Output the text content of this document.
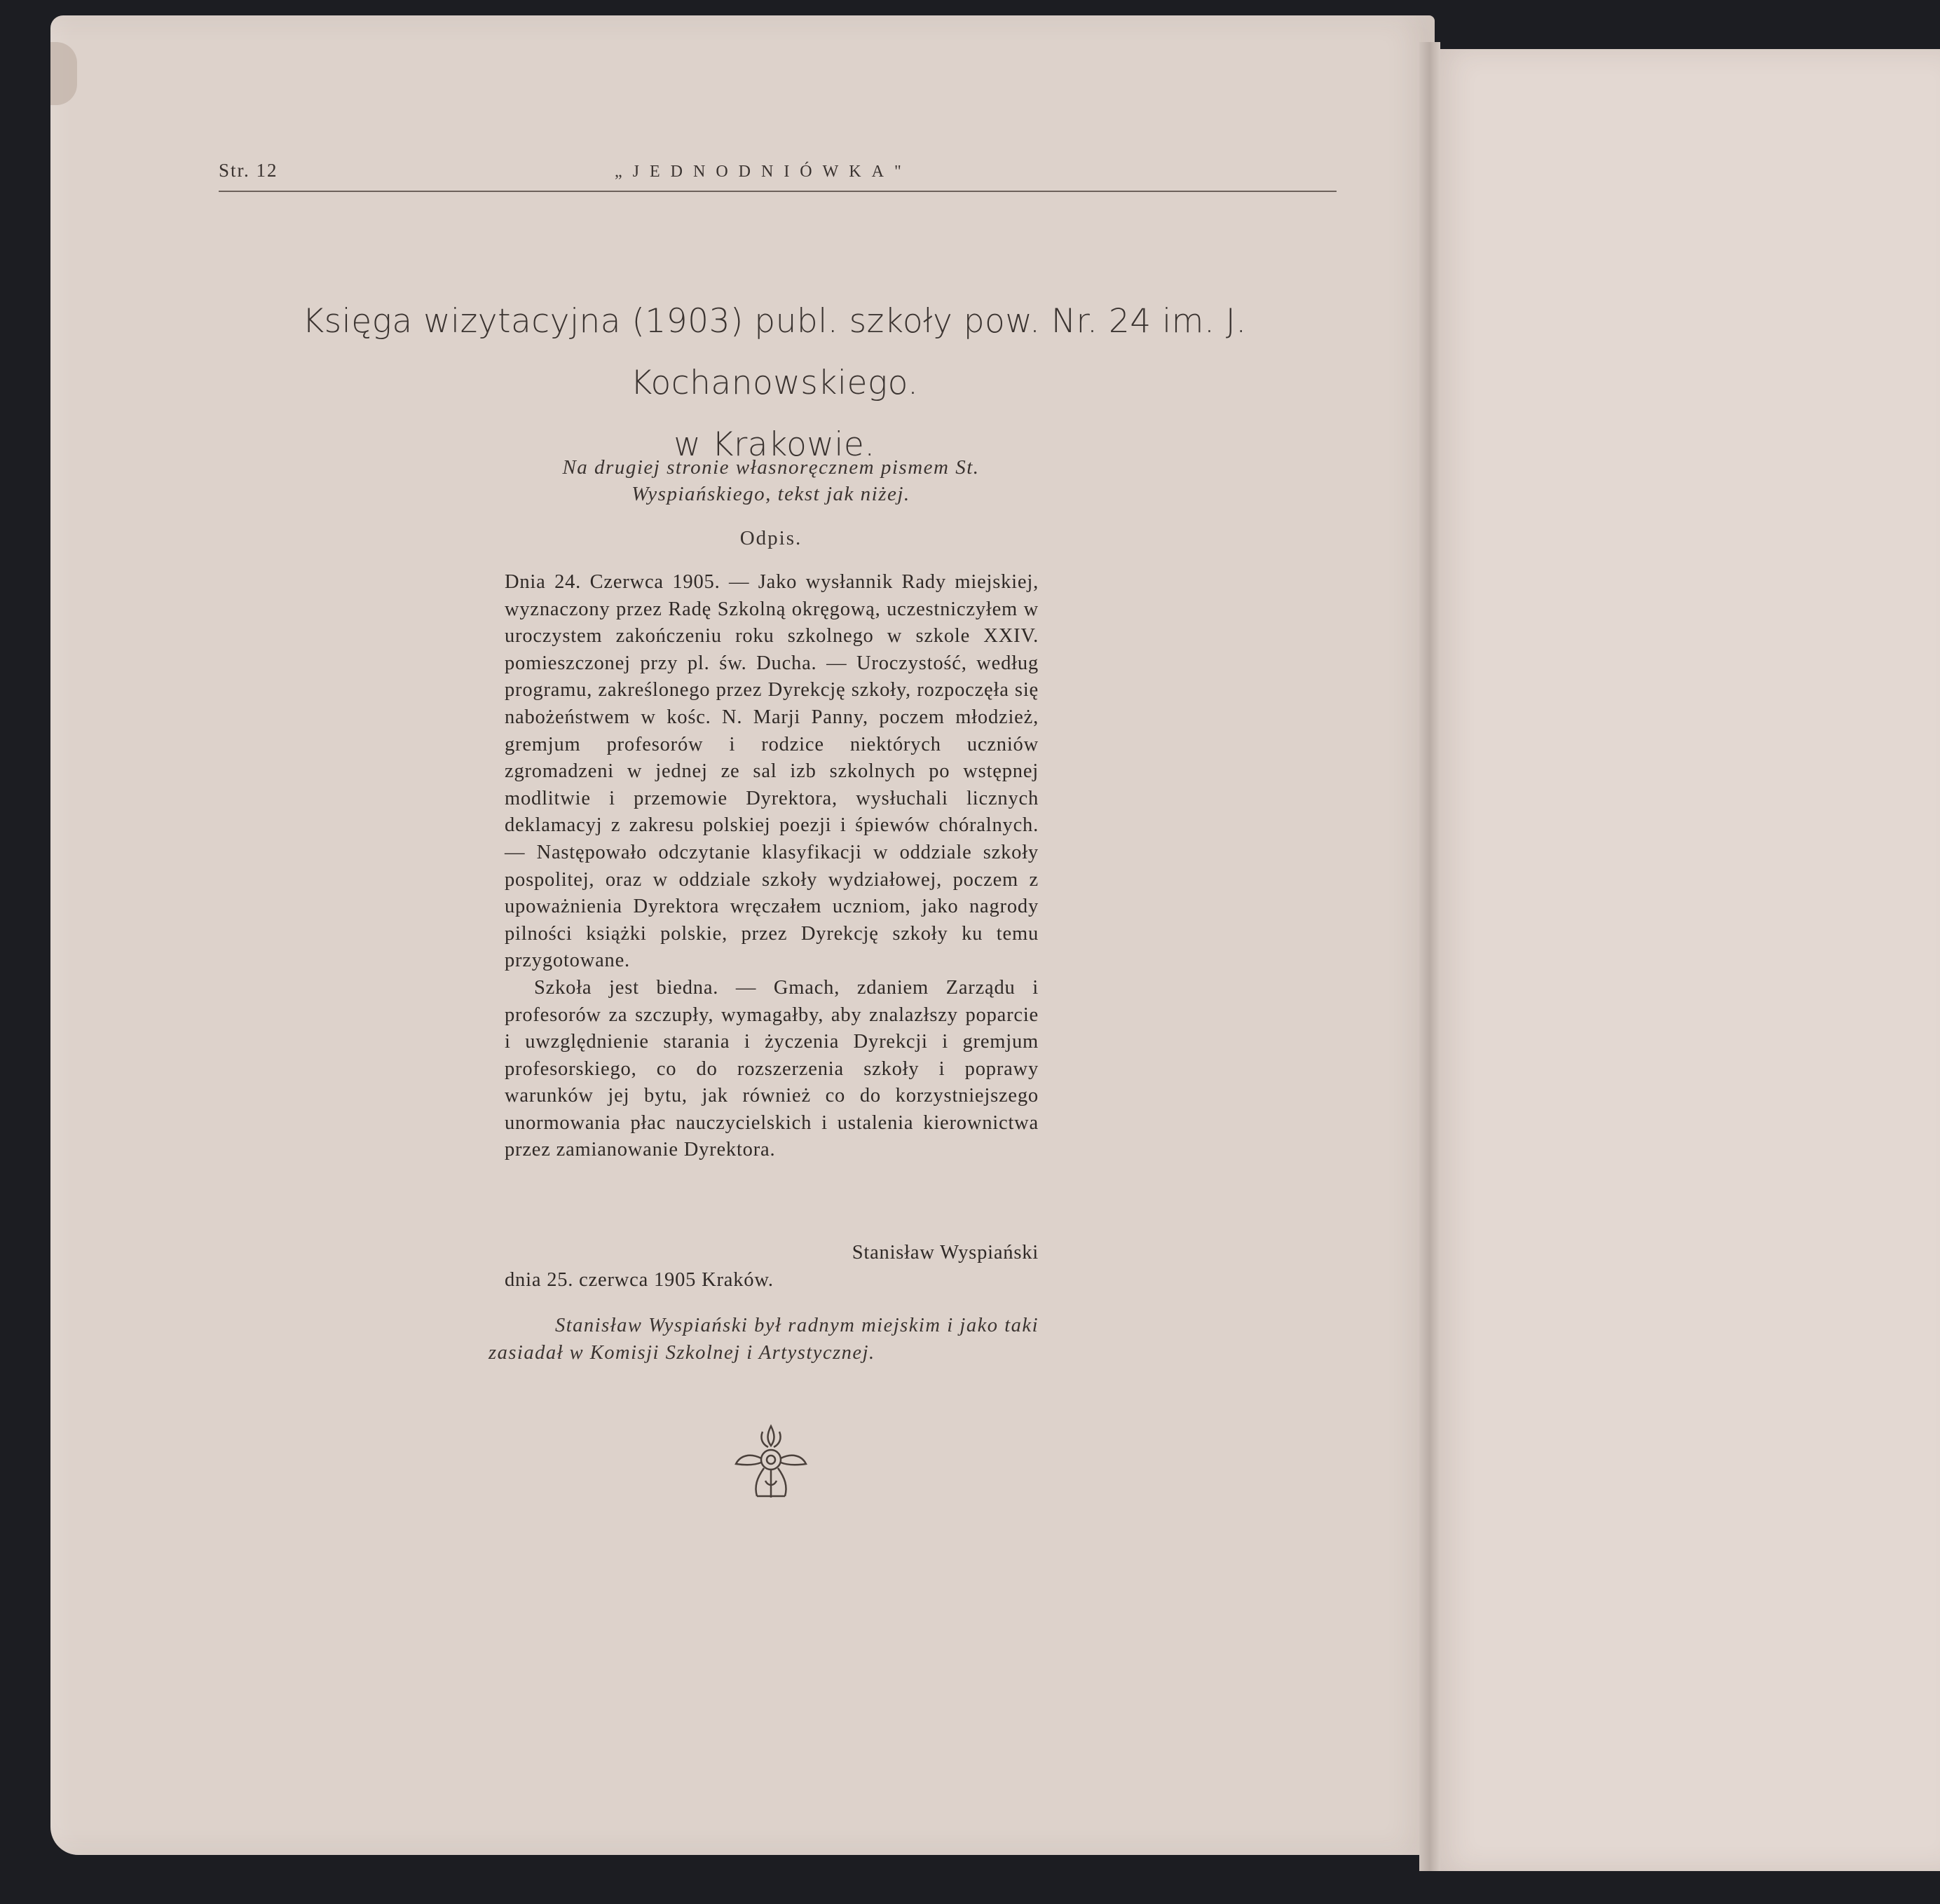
Str. 12	„JEDNODNIÓWKA"
Księga wizytacyjna (1903) publ. szkoły pow. Nr. 24 im. J. Kochanowskiego.
w Krakowie.
Na drugiej stronie własnoręcznem pismem St. Wyspiańskiego, tekst jak niżej.
Odpis.

Dnia 24. Czerwca 1905. — Jako wysłannik Rady miejskiej, wyznaczony przez Radę Szkolną okręgową, uczestniczyłem w uroczystem zakończeniu roku szkolnego w szkole XXIV. pomieszczonej przy pl. św. Ducha. — Uroczystość, według programu, zakreślonego przez Dyrekcję szkoły, rozpoczęła się nabożeństwem w kośc. N. Marji Panny, poczem młodzież, gremjum profesorów i rodzice niektórych uczniów zgromadzeni w jednej ze sal izb szkolnych po wstępnej modlitwie i przemowie Dyrektora, wysłuchali licznych deklamacyj z zakresu polskiej poezji i śpiewów chóralnych. — Następowało odczytanie klasyfikacji w oddziale szkoły pospolitej, oraz w oddziale szkoły wydziałowej, poczem z upoważnienia Dyrektora wręczałem uczniom, jako nagrody pilności książki polskie, przez Dyrekcję szkoły ku temu przygotowane.

Szkoła jest biedna. — Gmach, zdaniem Zarządu i profesorów za szczupły, wymagałby, aby znalazłszy poparcie i uwzględnienie starania i życzenia Dyrekcji i gremjum profesorskiego, co do rozszerzenia szkoły i poprawy warunków jej bytu, jak również co do korzystniejszego unormowania płac nauczycielskich i ustalenia kierownictwa przez zamianowanie Dyrektora.

Stanisław Wyspiański
dnia 25. czerwca 1905 Kraków.
Stanisław Wyspiański był radnym miejskim i jako taki zasiadał w Komisji Szkolnej i Artystycznej.
